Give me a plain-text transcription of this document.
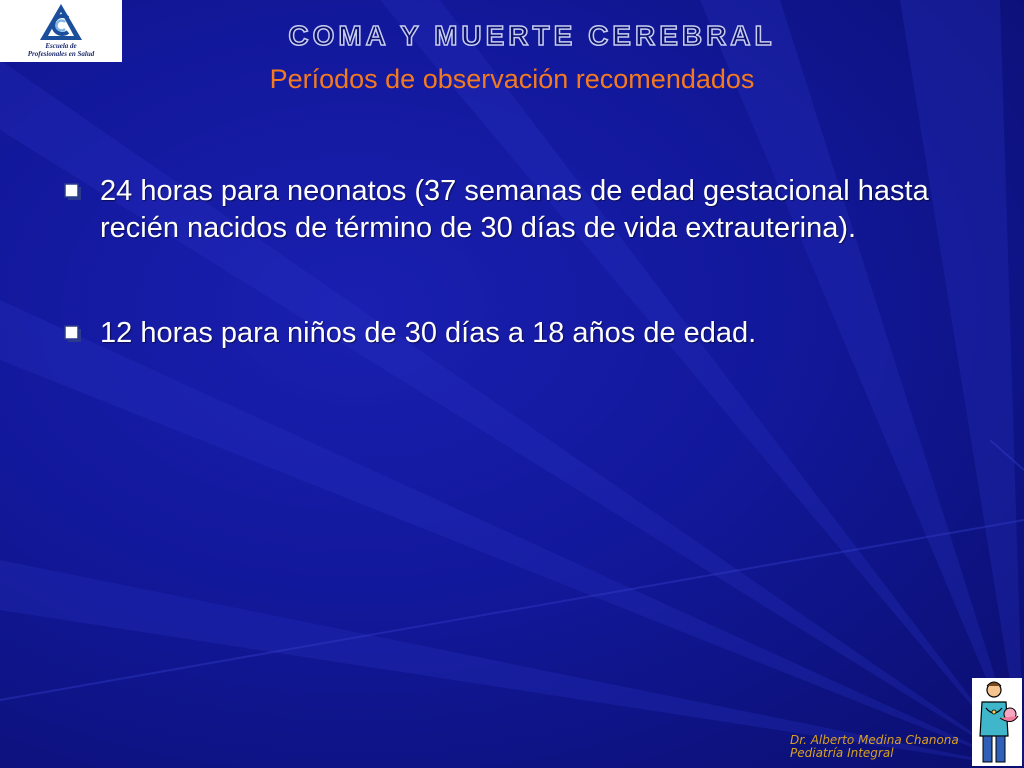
Escuela de
Profesionales en Salud
COMA Y MUERTE CEREBRAL
Períodos de observación recomendados
24 horas para neonatos (37 semanas de edad gestacional hasta recién nacidos de término de 30 días de vida extrauterina).
12 horas para niños de 30 días a 18 años de edad.
Dr. Alberto Medina Chanona
Pediatría Integral
